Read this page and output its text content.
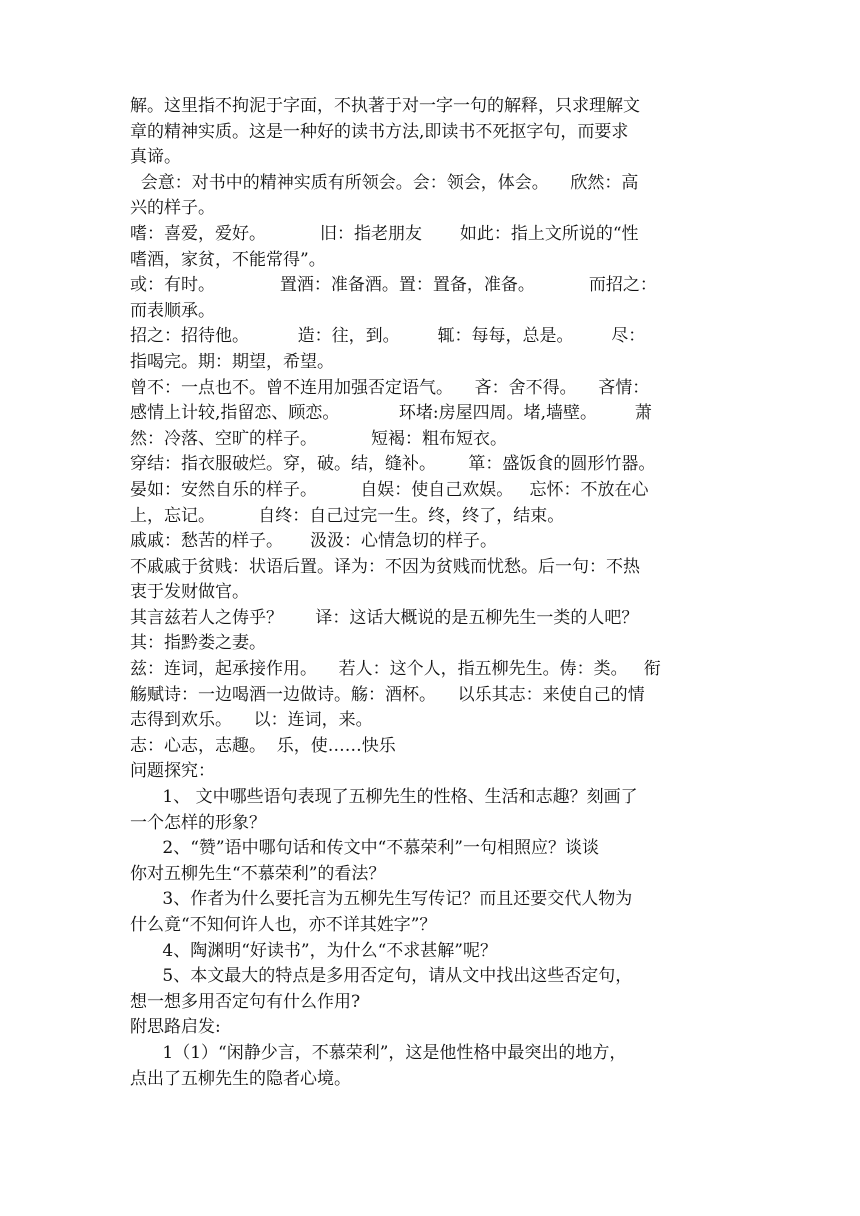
解。这里指不拘泥于字面，不执著于对一字一句的解释，只求理解文
章的精神实质。这是一种好的读书方法,即读书不死抠字句，而要求
真谛。
会意：对书中的精神实质有所领会。会：领会，体会。    欣然：高
兴的样子。
嗜：喜爱，爱好。          旧：指老朋友       如此：指上文所说的“性
嗜酒，家贫，不能常得”。
或：有时。            置酒：准备酒。置：置备，准备。          而招之：
而表顺承。
招之：招待他。         造：往，到。       辄：每每，总是。       尽：
指喝完。期：期望，希望。
曾不：一点也不。曾不连用加强否定语气。    吝：舍不得。    吝情：
感情上计较,指留恋、顾恋。           环堵:房屋四周。堵,墙壁。       萧
然：冷落、空旷的样子。          短褐：粗布短衣。
穿结：指衣服破烂。穿，破。结，缝补。      箪：盛饭食的圆形竹器。
晏如：安然自乐的样子。        自娱：使自己欢娱。   忘怀：不放在心
上，忘记。        自终：自己过完一生。终，终了，结束。
戚戚：愁苦的样子。     汲汲：心情急切的样子。
不戚戚于贫贱：状语后置。译为：不因为贫贱而忧愁。后一句：不热
衷于发财做官。
其言兹若人之俦乎？      译：这话大概说的是五柳先生一类的人吧？
其：指黔娄之妻。
兹：连词，起承接作用。    若人：这个人，指五柳先生。俦：类。   衔
觞赋诗：一边喝酒一边做诗。觞：酒杯。    以乐其志：来使自己的情
志得到欢乐。    以：连词，来。
志：心志，志趣。  乐，使……快乐
问题探究：
1、 文中哪些语句表现了五柳先生的性格、生活和志趣？刻画了
一个怎样的形象？
2、“赞”语中哪句话和传文中“不慕荣利”一句相照应？谈谈
你对五柳先生“不慕荣利”的看法？
3、作者为什么要托言为五柳先生写传记？而且还要交代人物为
什么竟“不知何许人也，亦不详其姓字”？
4、陶渊明“好读书”，为什么“不求甚解”呢？
5、本文最大的特点是多用否定句，请从文中找出这些否定句，
想一想多用否定句有什么作用?
附思路启发:
1（1）“闲静少言，不慕荣利”，这是他性格中最突出的地方，
点出了五柳先生的隐者心境。
